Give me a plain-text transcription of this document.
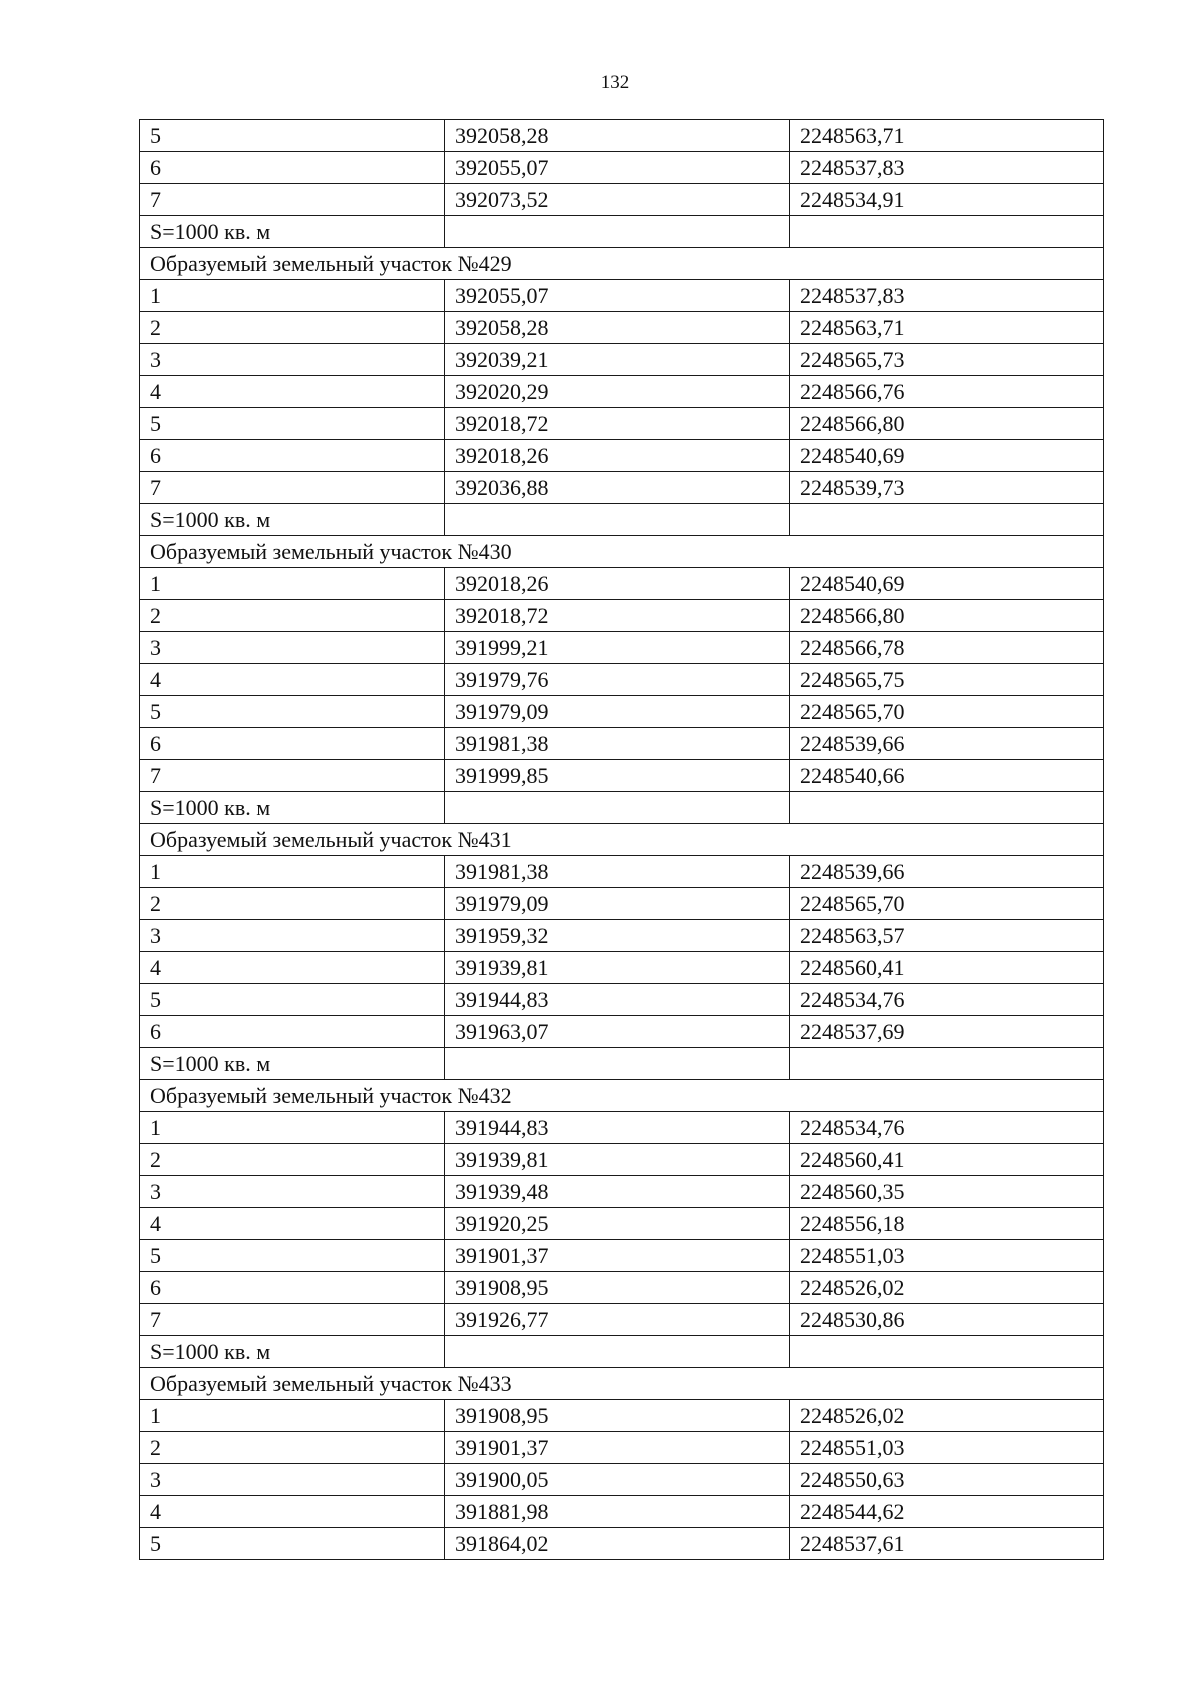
132
5	392058,28	2248563,71
6	392055,07	2248537,83
7	392073,52	2248534,91
S=1000 кв. м		
Образуемый земельный участок №429		
1	392055,07	2248537,83
2	392058,28	2248563,71
3	392039,21	2248565,73
4	392020,29	2248566,76
5	392018,72	2248566,80
6	392018,26	2248540,69
7	392036,88	2248539,73
S=1000 кв. м		
Образуемый земельный участок №430		
1	392018,26	2248540,69
2	392018,72	2248566,80
3	391999,21	2248566,78
4	391979,76	2248565,75
5	391979,09	2248565,70
6	391981,38	2248539,66
7	391999,85	2248540,66
S=1000 кв. м		
Образуемый земельный участок №431		
1	391981,38	2248539,66
2	391979,09	2248565,70
3	391959,32	2248563,57
4	391939,81	2248560,41
5	391944,83	2248534,76
6	391963,07	2248537,69
S=1000 кв. м		
Образуемый земельный участок №432		
1	391944,83	2248534,76
2	391939,81	2248560,41
3	391939,48	2248560,35
4	391920,25	2248556,18
5	391901,37	2248551,03
6	391908,95	2248526,02
7	391926,77	2248530,86
S=1000 кв. м		
Образуемый земельный участок №433		
1	391908,95	2248526,02
2	391901,37	2248551,03
3	391900,05	2248550,63
4	391881,98	2248544,62
5	391864,02	2248537,61
